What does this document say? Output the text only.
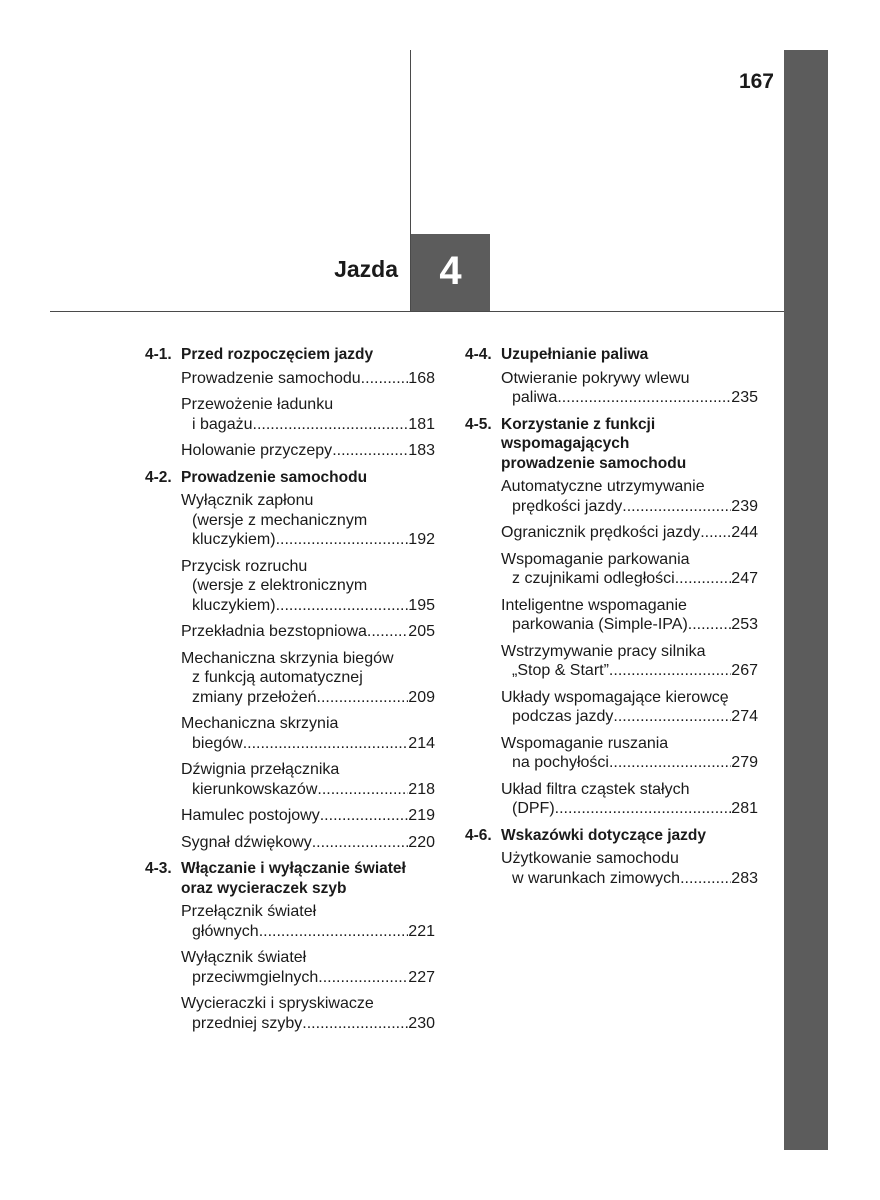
167
Jazda	4
4-1. Przed rozpoczęciem jazdy
Prowadzenie samochodu .....	168
Przewożenie ładunku
i bagażu .....	181
Holowanie przyczepy .....	183
4-2. Prowadzenie samochodu
Wyłącznik zapłonu
(wersje z mechanicznym
kluczykiem) .....	192
Przycisk rozruchu
(wersje z elektronicznym
kluczykiem) .....	195
Przekładnia bezstopniowa .....	205
Mechaniczna skrzynia biegów
z funkcją automatycznej
zmiany przełożeń .....	209
Mechaniczna skrzynia
biegów .....	214
Dźwignia przełącznika
kierunkowskazów .....	218
Hamulec postojowy .....	219
Sygnał dźwiękowy .....	220
4-3. Włączanie i wyłączanie świateł
oraz wycieraczek szyb
Przełącznik świateł
głównych .....	221
Wyłącznik świateł
przeciwmgielnych .....	227
Wycieraczki i spryskiwacze
przedniej szyby .....	230
4-4. Uzupełnianie paliwa
Otwieranie pokrywy wlewu
paliwa .....	235
4-5. Korzystanie z funkcji
wspomagających
prowadzenie samochodu
Automatyczne utrzymywanie
prędkości jazdy .....	239
Ogranicznik prędkości jazdy ..... 244
Wspomaganie parkowania
z czujnikami odległości .....	247
Inteligentne wspomaganie
parkowania (Simple-IPA) .....	253
Wstrzymywanie pracy silnika
„Stop & Start” .....	267
Układy wspomagające kierowcę
podczas jazdy .....	274
Wspomaganie ruszania
na pochyłości .....	279
Układ filtra cząstek stałych
(DPF) .....	281
4-6. Wskazówki dotyczące jazdy
Użytkowanie samochodu
w warunkach zimowych .....	283
